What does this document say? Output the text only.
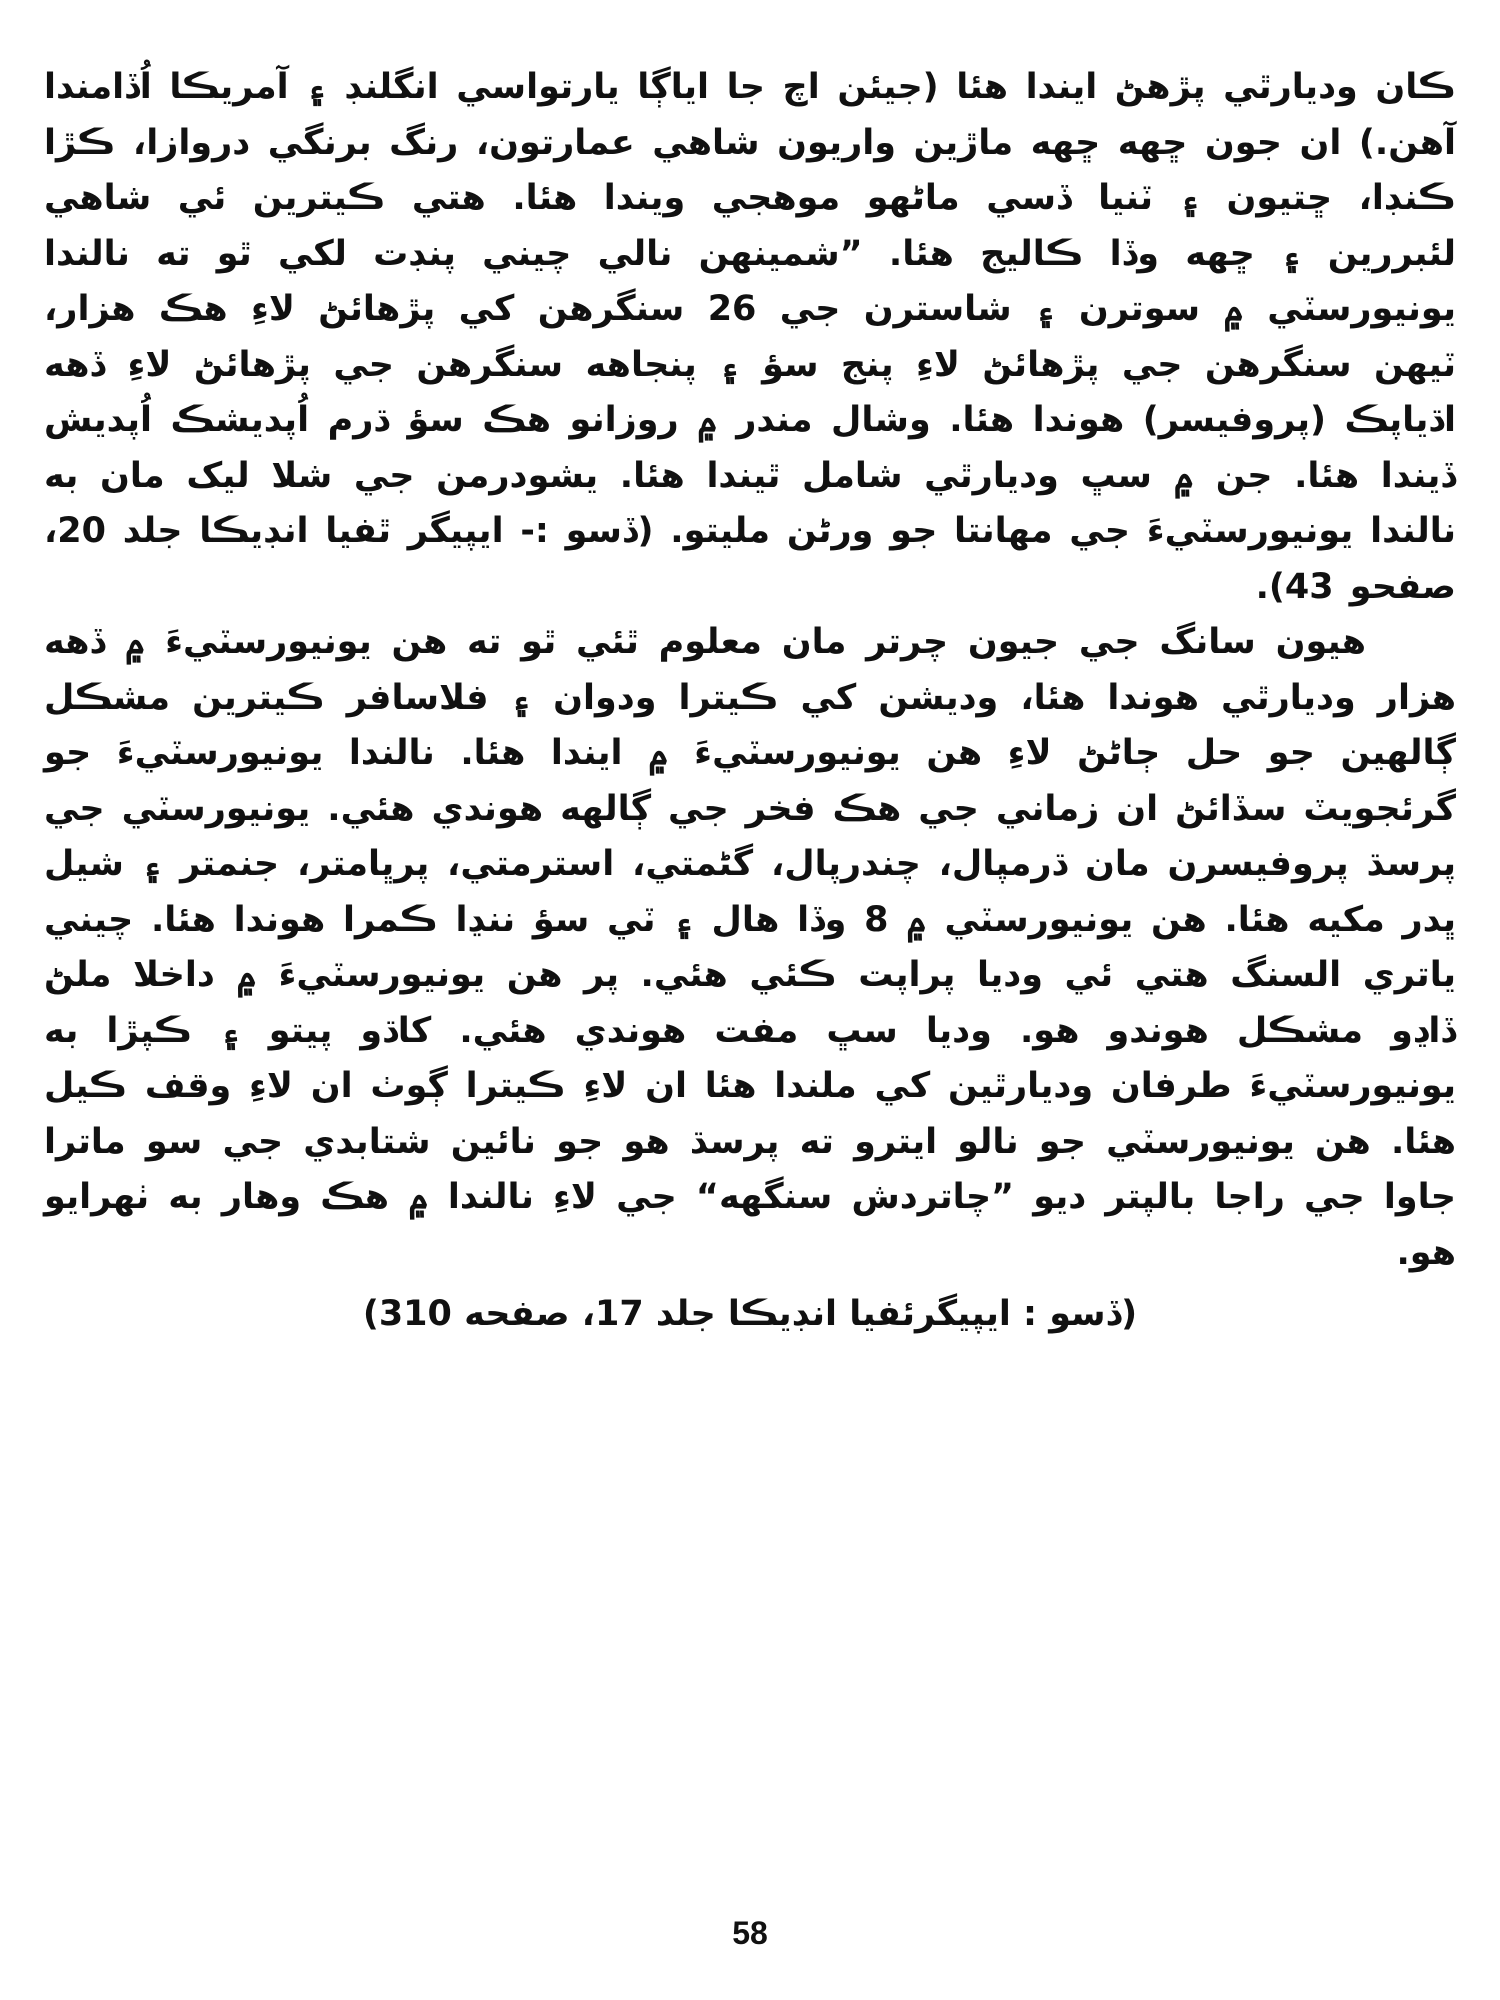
ڪان وديارٿي پڙهڻ ايندا هئا (جيئن اچ جا اياڳا يارتواسي انگلنڊ ۽ آمريڪا اُڏامندا آهن.) ان جون ڇهه ڇهه ماڙين واريون شاهي عمارتون، رنگ برنگي دروازا، ڪڙا ڪنڊا، ڇتيون ۽ ٽنيا ڏسي ماڻهو موهجي ويندا هئا. هتي ڪيترين ئي شاهي لئبررين ۽ ڇهه وڏا ڪاليج هئا. ”شمينهن نالي چيني پنڊت لکي ٿو ته نالندا يونيورسٽي ۾ سوترن ۽ شاسترن جي 26 سنگرهن کي پڙهائڻ لاءِ هڪ هزار، ٽيهن سنگرهن جي پڙهائڻ لاءِ پنج سؤ ۽ پنجاهه سنگرهن جي پڙهائڻ لاءِ ڏهه اڌياپڪ (پروفيسر) هوندا هئا. وشال مندر ۾ روزانو هڪ سؤ ڌرم اُپديشڪ اُپديش ڏيندا هئا. جن ۾ سڀ وديارٿي شامل ٿيندا هئا. يشودرمن جي شلا ليک مان به نالندا يونيورسٽيءَ جي مهانتا جو ورڻن مليتو. (ڏسو :- ايپيگر ٿفيا انڊيڪا جلد 20، صفحو 43).

هيون سانگ جي جيون چرتر مان معلوم ٿئي ٿو ته هن يونيورسٽيءَ ۾ ڏهه هزار وديارٿي هوندا هئا، وديشن کي ڪيترا ودوان ۽ فلاسافر ڪيترين مشڪل ڳالهين جو حل ڄاڻڻ لاءِ هن يونيورسٽيءَ ۾ ايندا هئا. نالندا يونيورسٽيءَ جو گرئجويٽ سڏائڻ ان زماني جي هڪ فخر جي ڳالهه هوندي هئي. يونيورسٽي جي پرسڌ پروفيسرن مان ڌرمپال، چندرپال، گڻمتي، استرمتي، پرڀامتر، جنمتر ۽ شيل ڀدر مکيه هئا. هن يونيورسٽي ۾ 8 وڏا هال ۽ ٽي سؤ ننڍا ڪمرا هوندا هئا. چيني ياتري السنگ هتي ئي وديا پراپت ڪئي هئي. پر هن يونيورسٽيءَ ۾ داخلا ملڻ ڏاڍو مشڪل هوندو هو. وديا سڀ مفت هوندي هئي. کاڌو پيتو ۽ ڪپڙا به يونيورسٽيءَ طرفان وديارٿين کي ملندا هئا ان لاءِ ڪيترا ڳوٺ ان لاءِ وقف ڪيل هئا. هن يونيورسٽي جو نالو ايترو ته پرسڌ هو جو نائين شتابدي جي سو ماترا جاوا جي راجا بالپتر ديو ”چاتردش سنگهه“ جي لاءِ نالندا ۾ هڪ وهار به ٺهرايو هو.

(ڏسو : ايپيگرئفيا انڊيڪا جلد 17، صفحه 310)
58
